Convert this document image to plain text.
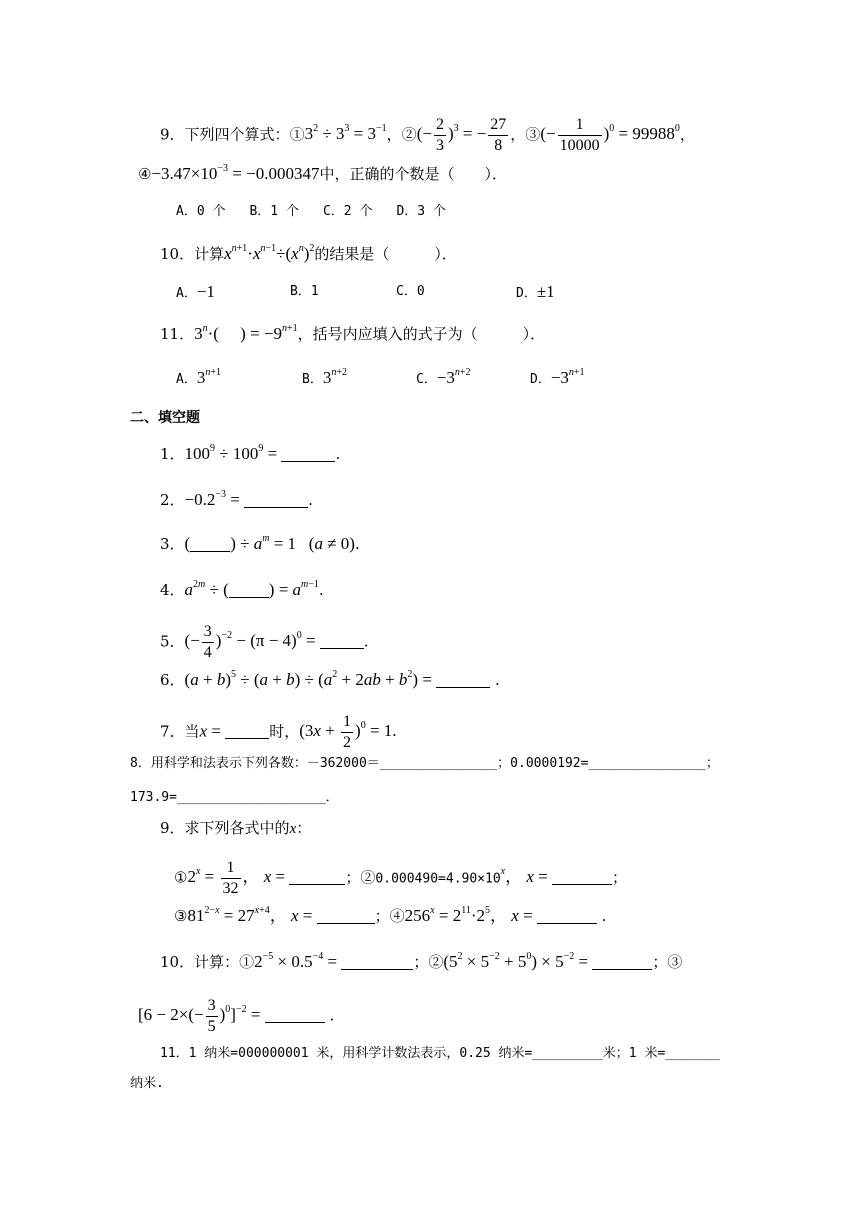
9．下列四个算式：$①3^2 \div 3^3 = 3^{-1}$，②(− $\frac{2}{3} )^3$ = − $\frac{27}{8}$ ，③(− $\frac{1}{10000} )^0 = 99988^0$，
$④-3.47\times 10^{-3} = -0.000347$中，正确的个数是（　　）．
A．0 个 B．1 个 C．2 个 D．3 个
10．计算$x^{n+1}\cdot x^{n-1}\div(x^n)^2$的结果是（　　　）．
A．−1	B．1	C．0	D．±1
11．$3^n\cdot$(     ) = $-9^{n+1}$，括号内应填入的式子为（　　　）．
A．$3^{n+1}$	B．$3^{n+2}$	C．$-3^{n+2}$	D．$-3^{n+1}$
二、填空题
1．$100^9 \div 100^9$ =	.
2．$-0.2^{-3}$ =	.
3．( ) ÷ $a^m = 1$   (a ≠ 0).
4．$a^{2m}$ ÷ ( ) = $a^{m-1}$.
5．(− $\frac{3}{4} )^{-2} - (\pi - 4)^0$ =	.
6．$(a + b)^5 \div (a + b) \div (a^2 + 2ab + b^2)$ =	.
7．当x =	时，$(3x + \frac{1}{2} )^0 = 1$.
8．用科学和法表示下列各数：－362000＝_______________；0.0000192=_______________；
173.9=___________________．
9．求下列各式中的x：
$①2^x = \frac{1}{32}$ ， x =	；$②0.000490=4.90\times 10^x$， x =	；
$③81^{2-x} = 27^{x+4}$， x =	；$④256^x = 2^{11}\cdot 2^5$， x =	.
10．计算：$①2^{-5} \times 0.5^{-4}$ =	；$②(5^2 \times 5^{-2} + 5^0) \times 5^{-2}$ =	；③
$[6 - 2\times(- \frac{3}{5} )^0]^{-2}$ =	.
11．1 纳米=000000001 米，用科学计数法表示，0.25 纳米=_________米；1 米=_______
纳米.
